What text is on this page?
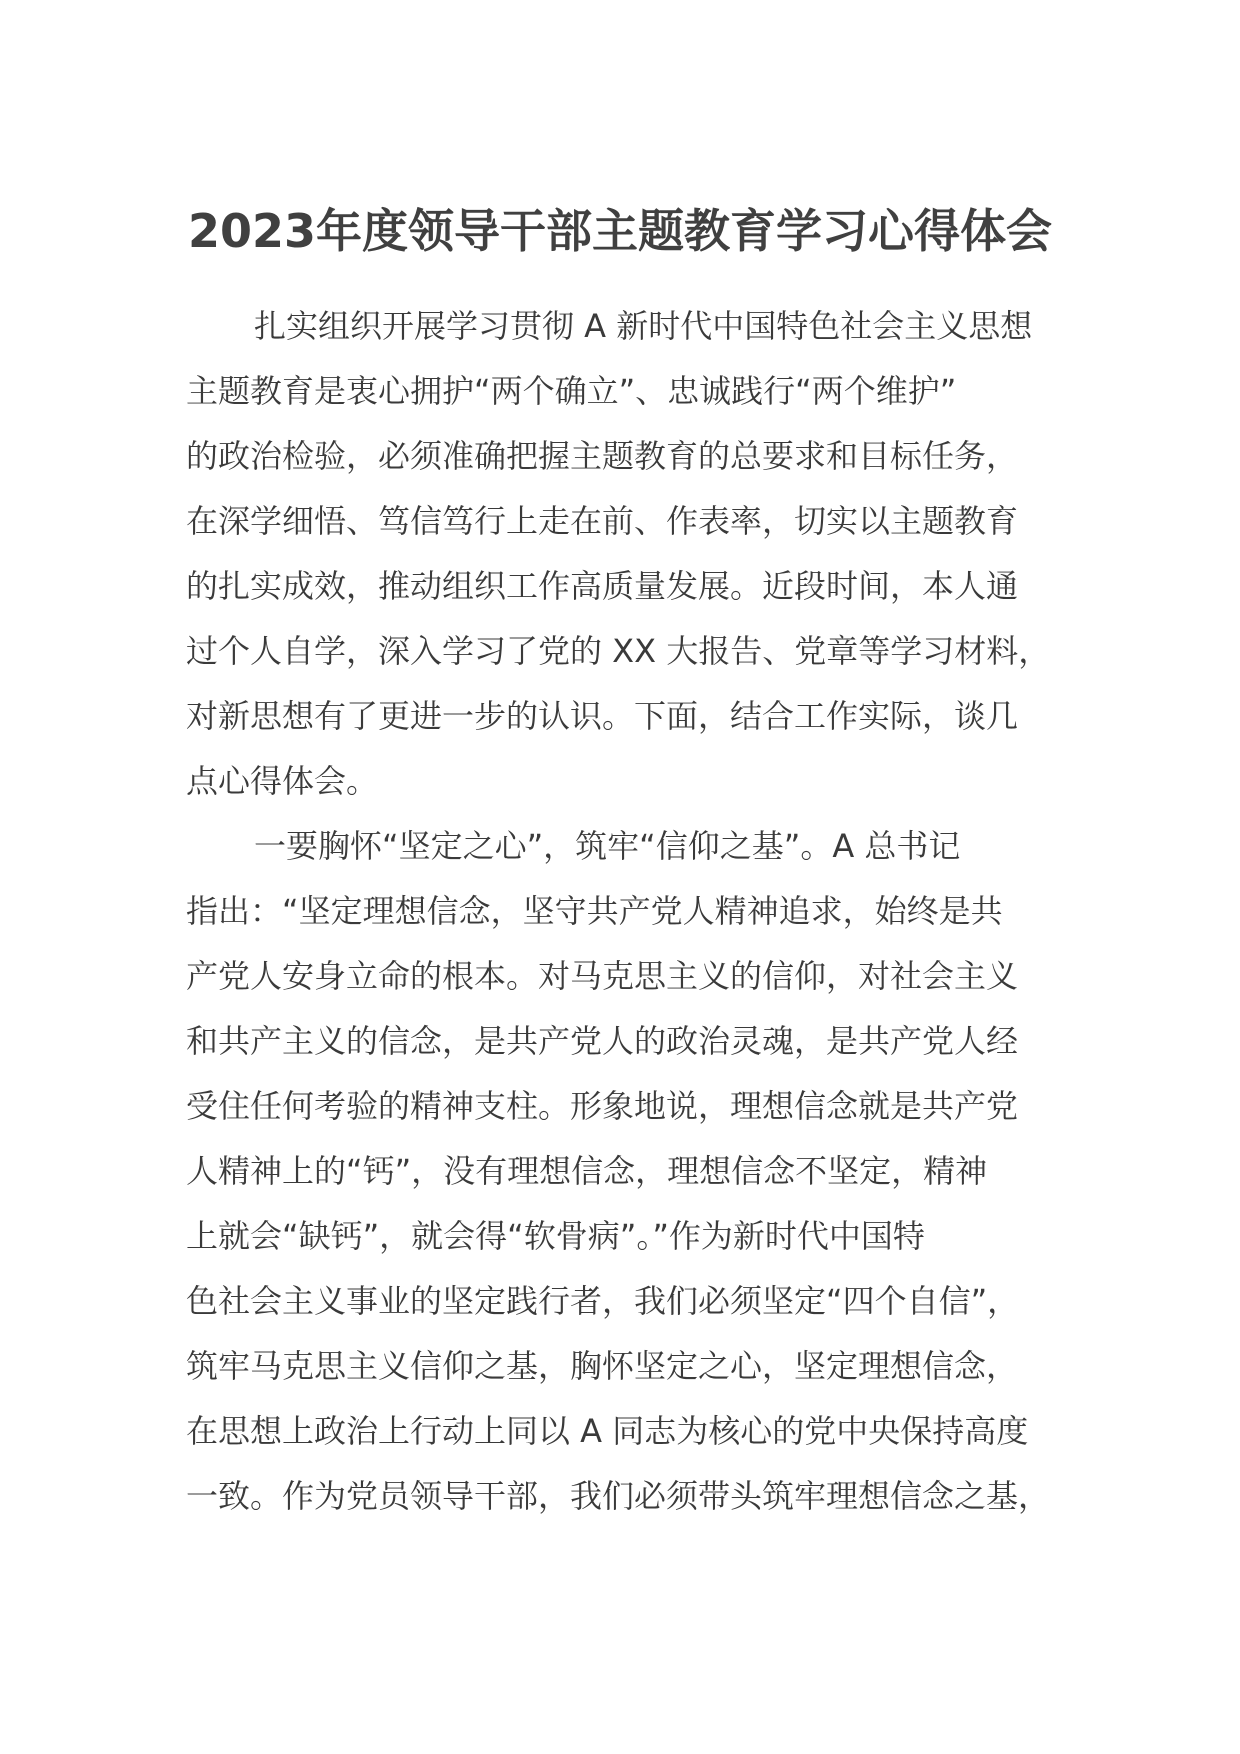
2023年度领导干部主题教育学习心得体会
扎实组织开展学习贯彻 A 新时代中国特色社会主义思想
主题教育是衷心拥护“两个确立”、忠诚践行“两个维护”
的政治检验，必须准确把握主题教育的总要求和目标任务，
在深学细悟、笃信笃行上走在前、作表率，切实以主题教育
的扎实成效，推动组织工作高质量发展。近段时间，本人通
过个人自学，深入学习了党的 XX 大报告、党章等学习材料，
对新思想有了更进一步的认识。下面，结合工作实际，谈几
点心得体会。
一要胸怀“坚定之心”，筑牢“信仰之基”。A 总书记
指出：“坚定理想信念，坚守共产党人精神追求，始终是共
产党人安身立命的根本。对马克思主义的信仰，对社会主义
和共产主义的信念，是共产党人的政治灵魂，是共产党人经
受住任何考验的精神支柱。形象地说，理想信念就是共产党
人精神上的“钙”，没有理想信念，理想信念不坚定，精神
上就会“缺钙”，就会得“软骨病”。”作为新时代中国特
色社会主义事业的坚定践行者，我们必须坚定“四个自信”，
筑牢马克思主义信仰之基，胸怀坚定之心，坚定理想信念，
在思想上政治上行动上同以 A 同志为核心的党中央保持高度
一致。作为党员领导干部，我们必须带头筑牢理想信念之基，
